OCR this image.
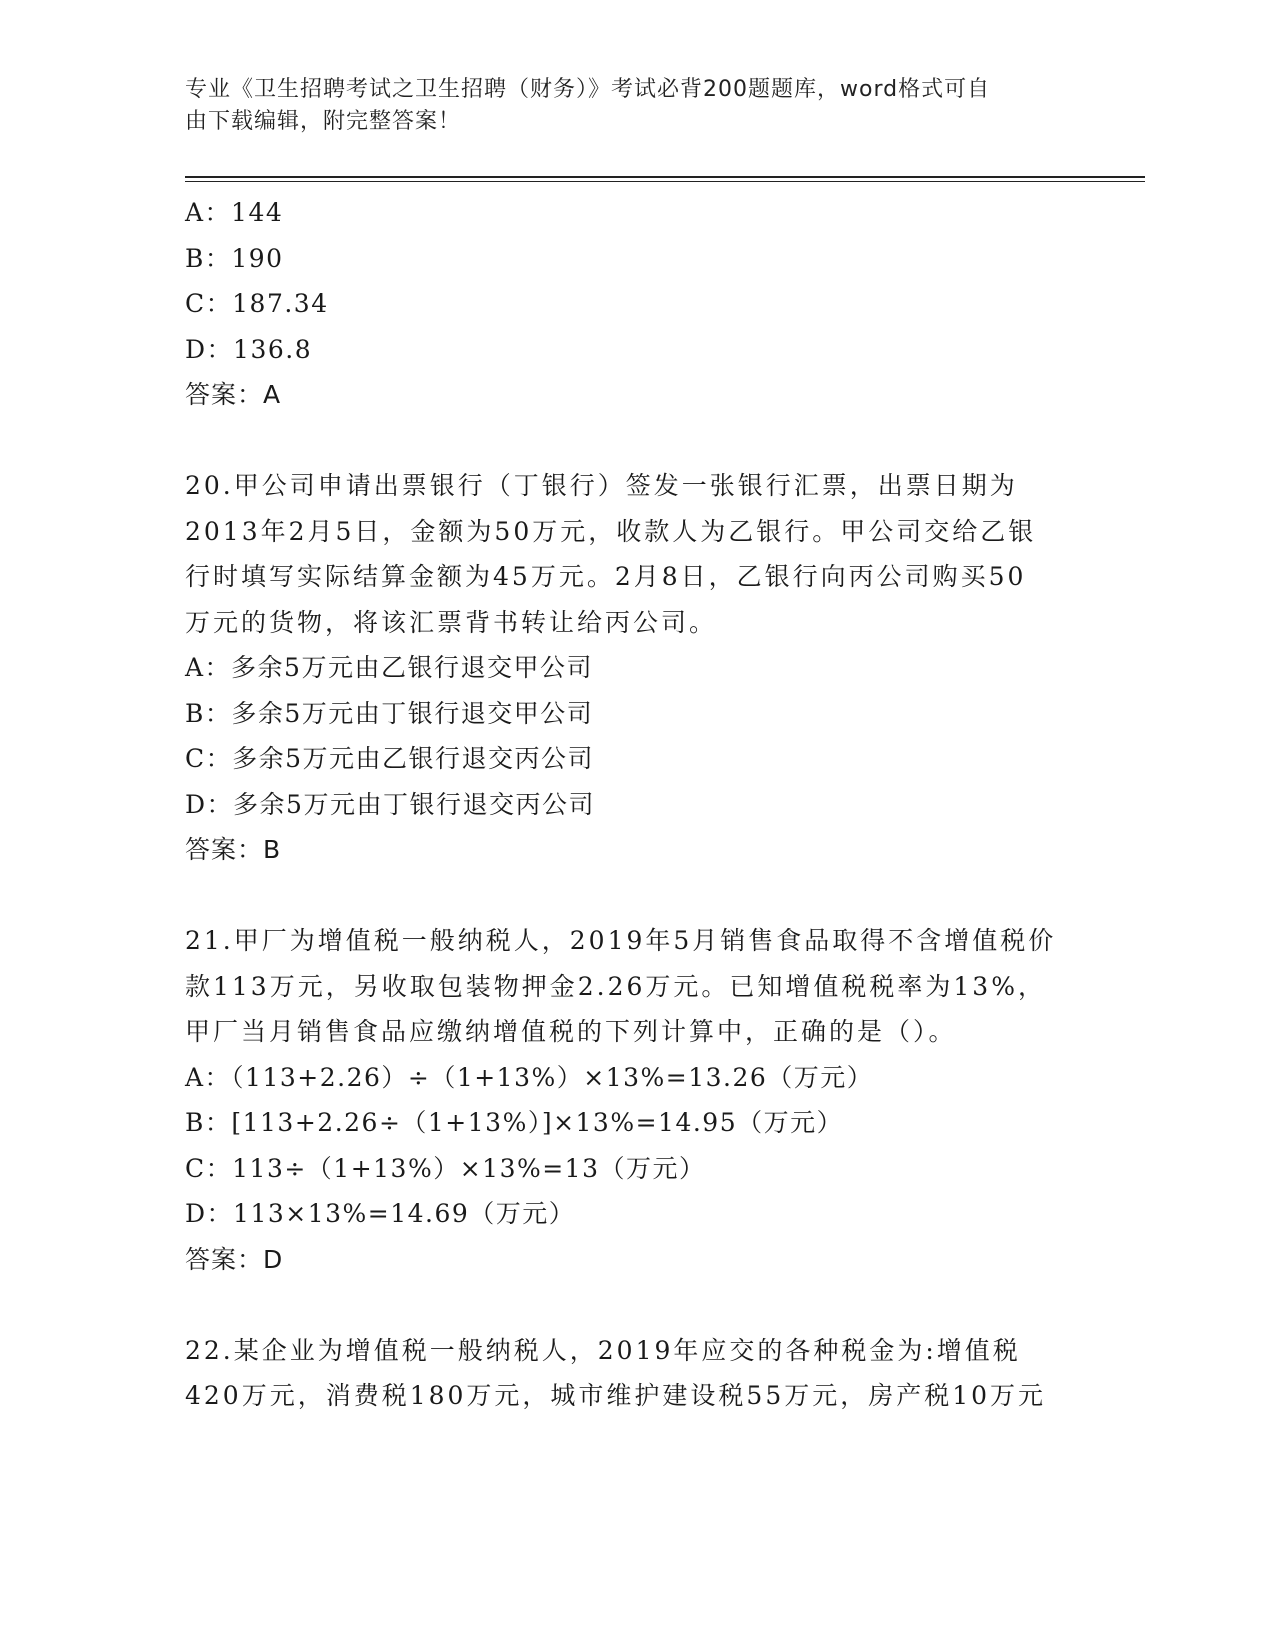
专业《卫生招聘考试之卫生招聘（财务）》考试必背200题题库，word格式可自
由下载编辑，附完整答案！
A：144
B：190
C：187.34
D：136.8
答案：A
20.甲公司申请出票银行（丁银行）签发一张银行汇票，出票日期为
2013年2月5日，金额为50万元，收款人为乙银行。甲公司交给乙银
行时填写实际结算金额为45万元。2月8日，乙银行向丙公司购买50
万元的货物，将该汇票背书转让给丙公司。
A：多余5万元由乙银行退交甲公司
B：多余5万元由丁银行退交甲公司
C：多余5万元由乙银行退交丙公司
D：多余5万元由丁银行退交丙公司
答案：B
21.甲厂为增值税一般纳税人，2019年5月销售食品取得不含增值税价
款113万元，另收取包装物押金2.26万元。已知增值税税率为13%，
甲厂当月销售食品应缴纳增值税的下列计算中，正确的是（）。
A：（113+2.26）÷（1+13%）×13%=13.26（万元）
B：[113+2.26÷（1+13%）]×13%=14.95（万元）
C：113÷（1+13%）×13%=13（万元）
D：113×13%=14.69（万元）
答案：D
22.某企业为增值税一般纳税人，2019年应交的各种税金为:增值税
420万元，消费税180万元，城市维护建设税55万元，房产税10万元
